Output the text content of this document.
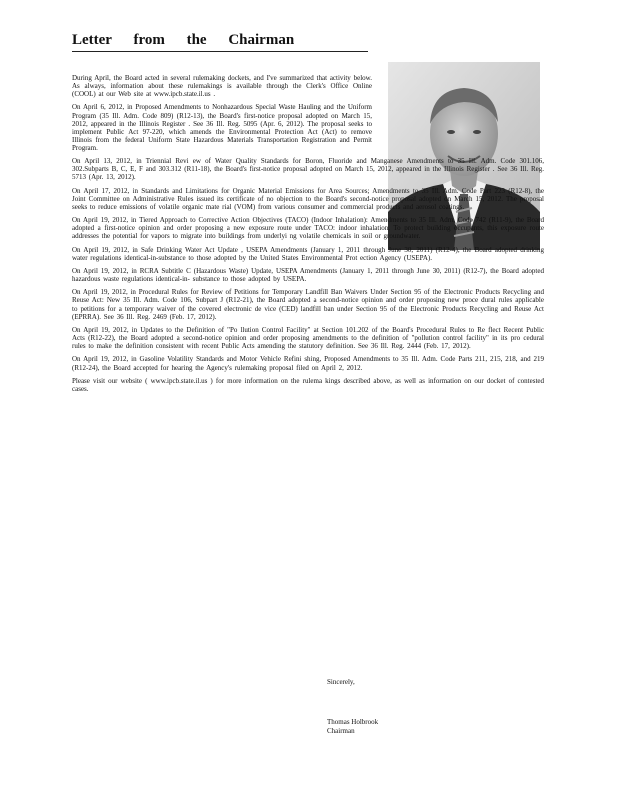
Letter from the Chairman

During April, the Board acted in several rulemaking dockets, and I've summarized that activity below. As always, information about these rulemakings is available through the Clerk's Office Online (COOL) at our Web site at www.ipcb.state.il.us .

On April 6, 2012, in Proposed Amendments to Nonhazardous Special Waste Hauling and the Uniform Program (35 Ill. Adm. Code 809) (R12-13), the Board's first-notice proposal adopted on March 15, 2012, appeared in the Illinois Register . See 36 Ill. Reg. 5095 (Apr. 6, 2012). The proposal seeks to implement Public Act 97-220, which amends the Environmental Protection Act (Act) to remove Illinois from the federal Uniform State Hazardous Materials Transportation Registration and Permit Program.

On April 13, 2012, in Triennial Revi ew of Water Quality Standards for Boron, Fluoride and Manganese Amendments to 35 Ill. Adm. Code 301.106, 302.Subparts B, C, E, F and 303.312 (R11-18), the Board's first-notice proposal adopted on March 15, 2012, appeared in the Illinois Register . See 36 Ill. Reg. 5713 (Apr. 13, 2012).

On April 17, 2012, in Standards and Limitations for Organic Material Emissions for Area Sources; Amendments to 35 Ill. Adm. Code Part 223 (R12-8), the Joint Committee on Administrative Rules issued its certificate of no objection to the Board's second-notice proposal adopted on March 15, 2012. The proposal seeks to reduce emissions of volatile organic mate rial (VOM) from various consumer and commercial products and aerosol coatings.

On April 19, 2012, in Tiered Approach to Corrective Action Objectives (TACO) (Indoor Inhalation): Amendments to 35 Ill. Adm. Code 742 (R11-9), the Board adopted a first-notice opinion and order proposing a new exposure route under TACO: indoor inhalation. To protect building occupants, this exposure route addresses the potential for vapors to migrate into buildings from underlyi ng volatile chemicals in soil or groundwater.

On April 19, 2012, in Safe Drinking Water Act Update , USEPA Amendments (January 1, 2011 through June 30, 2011) (R12-4), the Board adopted drinking water regulations identical-in-substance to those adopted by the United States Environmental Prot ection Agency (USEPA).

On April 19, 2012, in RCRA Subtitle C (Hazardous Waste) Update, USEPA Amendments (January 1, 2011 through June 30, 2011) (R12-7), the Board adopted hazardous waste regulations identical-in- substance to those adopted by USEPA.

On April 19, 2012, in Procedural Rules for Review of Petitions for Temporary Landfill Ban Waivers Under Section 95 of the Electronic Products Recycling and Reuse Act: New 35 Ill. Adm. Code 106, Subpart J (R12-21), the Board adopted a second-notice opinion and order proposing new proce dural rules applicable to petitions for a temporary waiver of the covered electronic de vice (CED) landfill ban under Section 95 of the Electronic Products Recycling and Reuse Act (EPRRA). See 36 Ill. Reg. 2469 (Feb. 17, 2012).

On April 19, 2012, in Updates to the Definition of "Po llution Control Facility" at Section 101.202 of the Board's Procedural Rules to Re flect Recent Public Acts (R12-22), the Board adopted a second-notice opinion and order proposing amendments to the definition of "pollution control facility" in its pro cedural rules to make the definition consistent with recent Public Acts amending the statutory definition. See 36 Ill. Reg. 2444 (Feb. 17, 2012).

On April 19, 2012, in Gasoline Volatility Standards and Motor Vehicle Refini shing, Proposed Amendments to 35 Ill. Adm. Code Parts 211, 215, 218, and 219 (R12-24), the Board accepted for hearing the Agency's rulemaking proposal filed on April 2, 2012.

Please visit our website ( www.ipcb.state.il.us ) for more information on the rulema kings described above, as well as information on our docket of contested cases.

Sincerely,
Thomas Holbrook
Chairman
